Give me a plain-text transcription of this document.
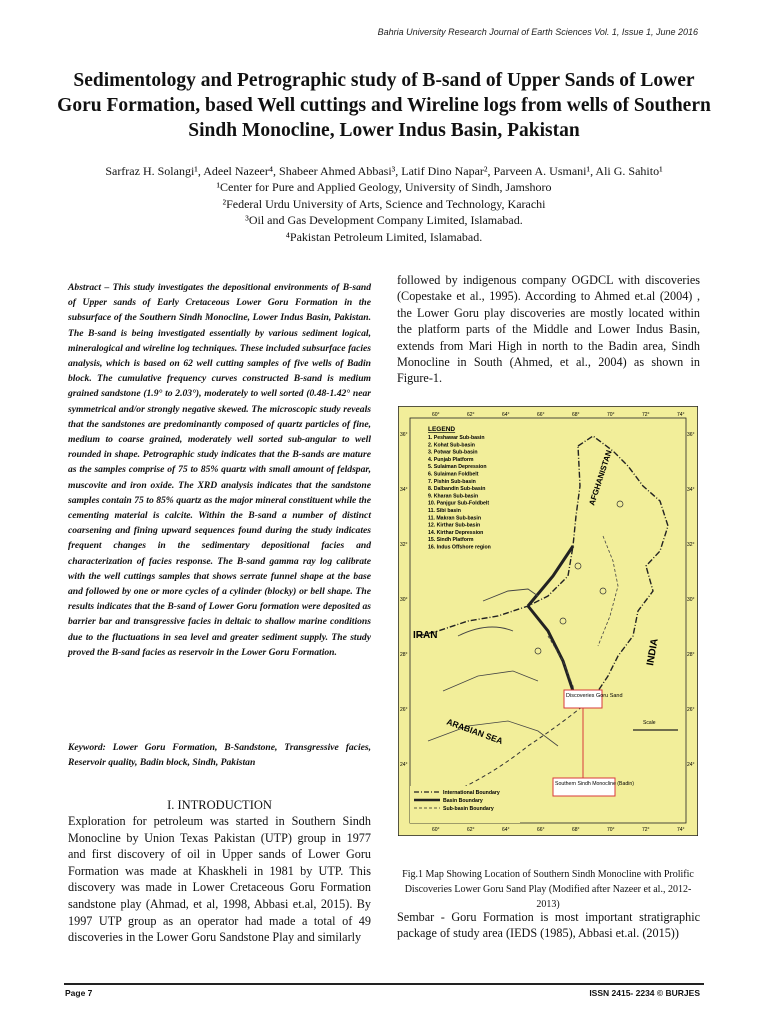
Bahria University Research Journal of Earth Sciences Vol. 1, Issue 1, June 2016
Sedimentology and Petrographic study of B-sand of Upper Sands of Lower Goru Formation, based Well cuttings and Wireline logs from wells of Southern Sindh Monocline, Lower Indus Basin, Pakistan
Sarfraz H. Solangi¹, Adeel Nazeer⁴, Shabeer Ahmed Abbasi³, Latif Dino Napar², Parveen A. Usmani¹, Ali G. Sahito¹
¹Center for Pure and Applied Geology, University of Sindh, Jamshoro
²Federal Urdu University of Arts, Science and Technology, Karachi
³Oil and Gas Development Company Limited, Islamabad.
⁴Pakistan Petroleum Limited, Islamabad.
Abstract – This study investigates the depositional environments of B-sand of Upper sands of Early Cretaceous Lower Goru Formation in the subsurface of the Southern Sindh Monocline, Lower Indus Basin, Pakistan. The B-sand is being investigated essentially by various sediment logical, mineralogical and wireline log techniques. These included subsurface facies analysis, which is based on 62 well cutting samples of five wells of Badin block. The cumulative frequency curves constructed B-sand is medium grained sandstone (1.9° to 2.03°), moderately to well sorted (0.48-1.42° near symmetrical and/or strongly negative skewed. The microscopic study reveals that the sandstones are predominantly composed of quartz particles of fine, medium to coarse grained, moderately well sorted sub-angular to well rounded in shape. Petrographic study indicates that the B-sands are mature as the samples comprise of 75 to 85% quartz with small amount of feldspar, muscovite and iron oxide. The XRD analysis indicates that the sandstone samples contain 75 to 85% quartz as the major mineral constituent while the cementing material is calcite. Within the B-sand a number of distinct coarsening and fining upward sequences found during the study indicates frequent changes in the sedimentary depositional facies and characterization of facies response. The B-sand gamma ray log calibrate with the well cuttings samples that shows serrate funnel shape at the base and followed by one or more cycles of a cylinder (blocky) or bell shape. The results indicates that the B-sand of Lower Goru formation were deposited as barrier bar and transgressive facies in deltaic to shallow marine conditions due to the fluctuations in sea level and greater sediment supply. The study proved the B-sand facies as reservoir in the Lower Goru Formation.
Keyword: Lower Goru Formation, B-Sandstone, Transgressive facies, Reservoir quality, Badin block, Sindh, Pakistan
I. INTRODUCTION
Exploration for petroleum was started in Southern Sindh Monocline by Union Texas Pakistan (UTP) group in 1977 and first discovery of oil in Upper sands of Lower Goru Formation was made at Khaskheli in 1981 by UTP. This discovery was made in Lower Cretaceous Goru Formation sandstone play (Ahmad, et al, 1998, Abbasi et.al, 2015). By 1997 UTP group as an operator had made a total of 49 discoveries in the Lower Goru Sandstone Play and similarly
followed by indigenous company OGDCL with discoveries (Copestake et al., 1995). According to Ahmed et.al (2004) , the Lower Goru play discoveries are mostly located within the platform parts of the Middle and Lower Indus Basin, extends from Mari High in north to the Badin area, Sindh Monocline in South (Ahmed, et al., 2004) as shown in Figure-1.
60°	62°	64°	66°	68°	70°	72°	74°
60°	62°	64°	66°	68°	70°	72°	74°
36°
34°
32°
30°
28°
26°
24°
36°
34°
32°
30°
28°
26°
24°
LEGEND
1. Peshawar Sub-basin
2. Kohat Sub-basin
3. Potwar Sub-basin
4. Punjab Platform
5. Sulaiman Depression
6. Sulaiman Foldbelt
7. Pishin Sub-basin
8. Dalbandin Sub-basin
9. Kharan Sub-basin
10. Panjgur Sub-Foldbelt
11. Sibi basin
11. Makran Sub-basin
12. Kirthar Sub-basin
14. Kirthar Depression
15. Sindh Platform
16. Indus Offshore region
Discoveries Goru Sand
Southern Sindh Monocline (Badin)
IRAN
INDIA
AFGHANISTAN
ARABIAN SEA	Scale
International Boundary
Basin Boundary
Sub-basin Boundary
Fig.1 Map Showing Location of Southern Sindh Monocline with Prolific Discoveries Lower Goru Sand Play (Modified after Nazeer et al., 2012-2013)
Sembar - Goru Formation is most important stratigraphic package of study area (IEDS (1985), Abbasi et.al. (2015))
Page 7	ISSN 2415- 2234 © BURJES
